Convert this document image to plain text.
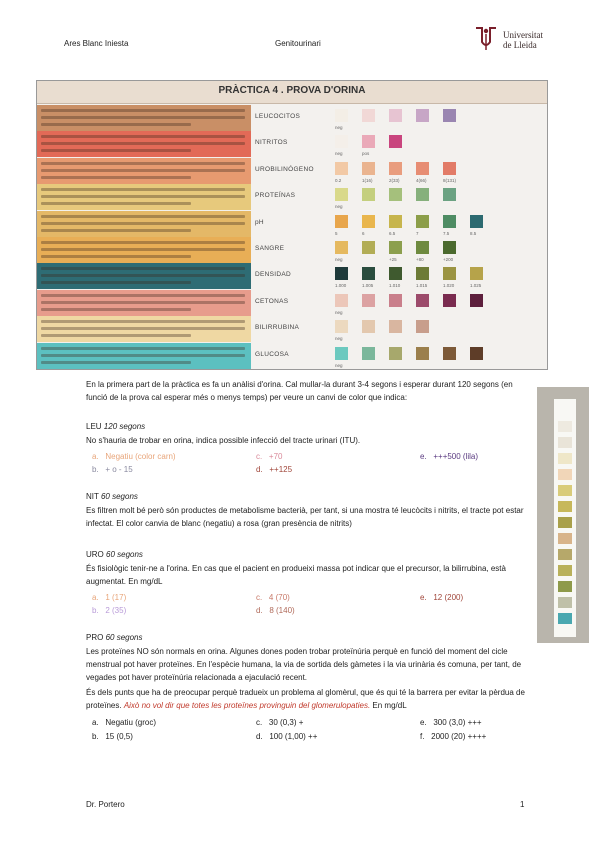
Ares Blanc Iniesta	Genitourinari
Universitat
de Lleida
PRÀCTICA 4 . PROVA D'ORINA
LEUCOCITOS
neg
NITRITOS
neg	pos
UROBILINÓGENO
0.2	1(16)	2(33)	4(66)	8(131)
PROTEÍNAS
neg
pH
5	6	6.5	7	7.5	8.5
SANGRE
neg	+25	+80	+200
DENSIDAD
1.000	1.005	1.010	1.015	1.020	1.025
CETONAS
neg
BILIRRUBINA
neg
GLUCOSA
neg
En la primera part de la pràctica es fa un anàlisi d'orina. Cal mullar-la durant 3-4 segons i esperar durant 120 segons (en funció de la prova cal esperar més o menys temps) per veure un canvi de color que indica:
LEU 120 segons
No s'hauria de trobar en orina, indica possible infecció del tracte urinari (ITU).
a. Negatiu (color carn)	c. +70	e. +++500 (lila)
b. + o - 15	d. ++125
NIT 60 segons
Es filtren molt bé però són productes de metabolisme bacterià, per tant, si una mostra té leucòcits i nitrits, el tracte pot estar infectat. El color canvia de blanc (negatiu) a rosa (gran presència de nitrits)
URO 60 segons
És fisiològic tenir-ne a l'orina. En cas que el pacient en produeixi massa pot indicar que el precursor, la bilirrubina, està augmentat. En mg/dL
a. 1 (17)	c. 4 (70)	e. 12 (200)
b. 2 (35)	d. 8 (140)
PRO 60 segons
Les proteïnes NO són normals en orina. Algunes dones poden trobar proteïnúria perquè en funció del moment del cicle menstrual pot haver proteïnes. En l'espècie humana, la via de sortida dels gàmetes i la via urinària és comuna, per tant, de vegades pot haver proteïnúria relacionada a ejaculació recent.
És dels punts que ha de preocupar perquè tradueix un problema al glomèrul, que és qui té la barrera per evitar la pèrdua de proteïnes. Això no vol dir que totes les proteïnes provinguin del glomerulopaties. En mg/dL
a. Negatiu (groc)	c. 30 (0,3) +	e. 300 (3,0) +++
b. 15 (0,5)	d. 100 (1,00) ++	f. 2000 (20) ++++
Dr. Portero	1
